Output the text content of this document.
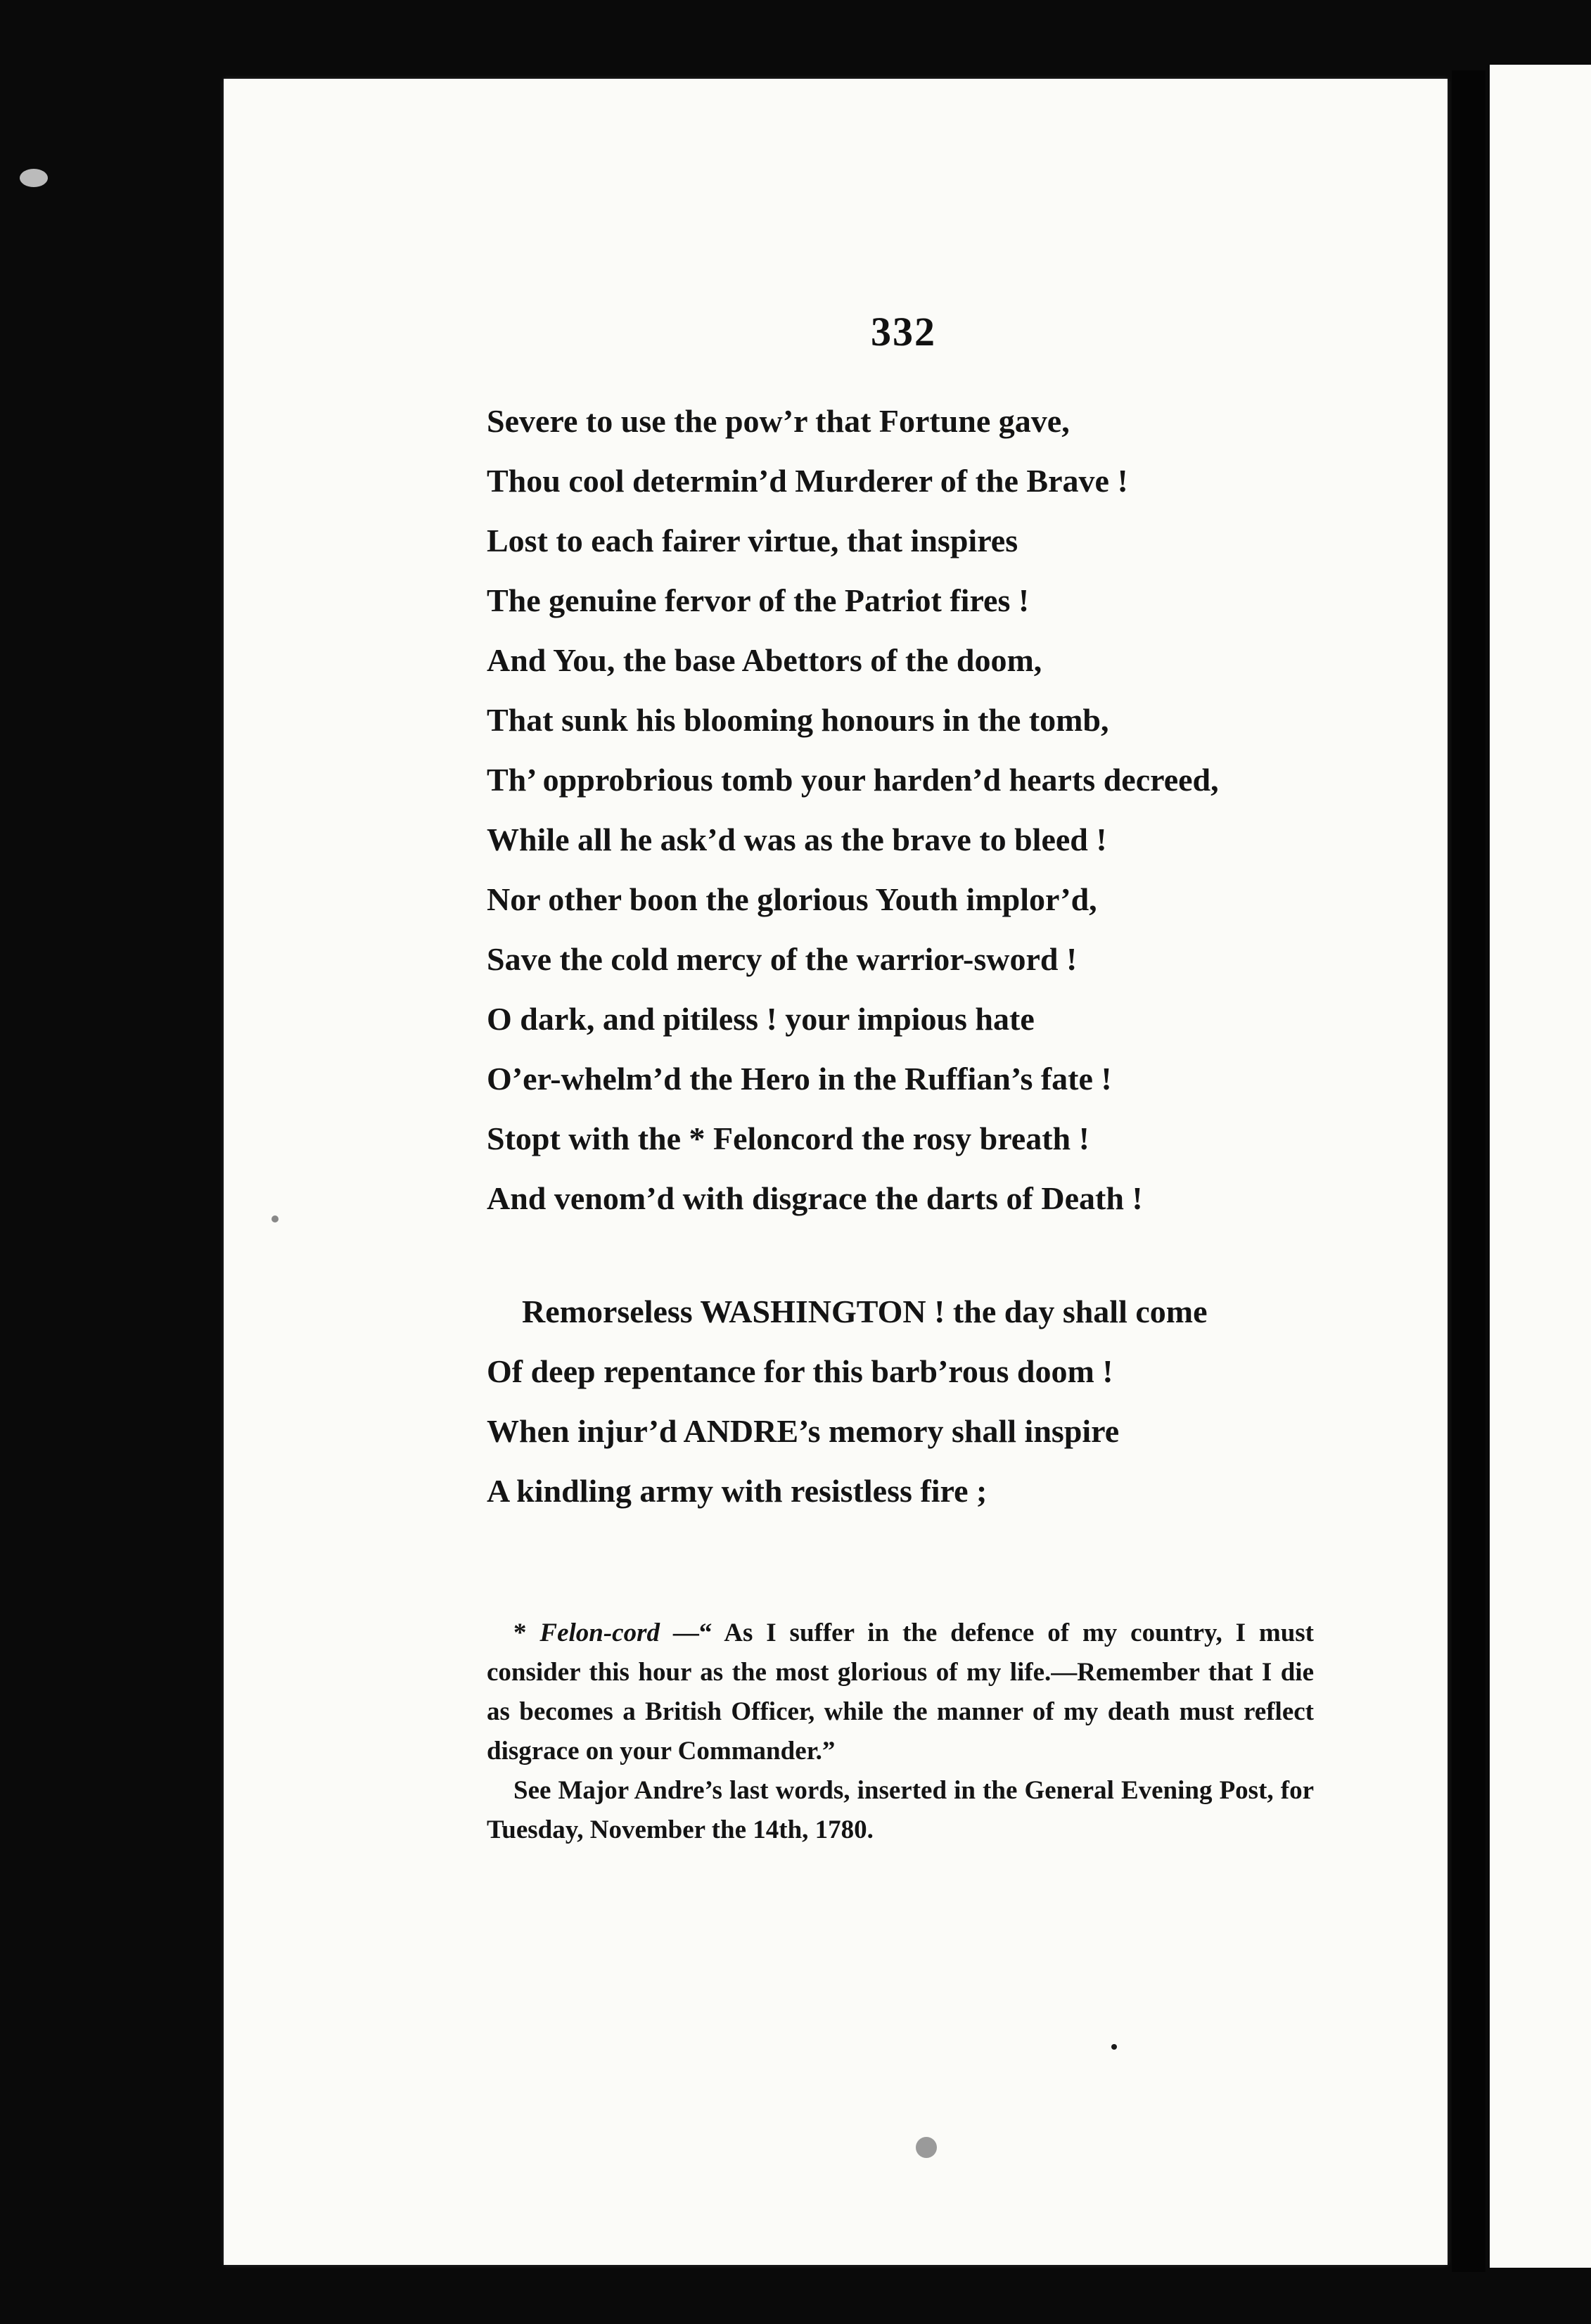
332
Severe to use the pow’r that Fortune gave,
Thou cool determin’d Murderer of the Brave !
Lost to each fairer virtue, that inspires
The genuine fervor of the Patriot fires !
And You, the base Abettors of the doom,
That sunk his blooming honours in the tomb,
Th’ opprobrious tomb your harden’d hearts decreed,
While all he ask’d was as the brave to bleed !
Nor other boon the glorious Youth implor’d,
Save the cold mercy of the warrior-sword !
O dark, and pitiless ! your impious hate
O’er-whelm’d the Hero in the Ruffian’s fate !
Stopt with the * Feloncord the rosy breath !
And venom’d with disgrace the darts of Death !
Remorseless WASHINGTON ! the day shall come
Of deep repentance for this barb’rous doom !
When injur’d ANDRE’s memory shall inspire
A kindling army with resistless fire ;

* Felon-cord —“ As I suffer in the defence of my country, I must consider this hour as the most glorious of my life.—Remember that I die as becomes a British Officer, while the manner of my death must reflect disgrace on your Commander.”

See Major Andre’s last words, inserted in the General Evening Post, for Tuesday, November the 14th, 1780.
